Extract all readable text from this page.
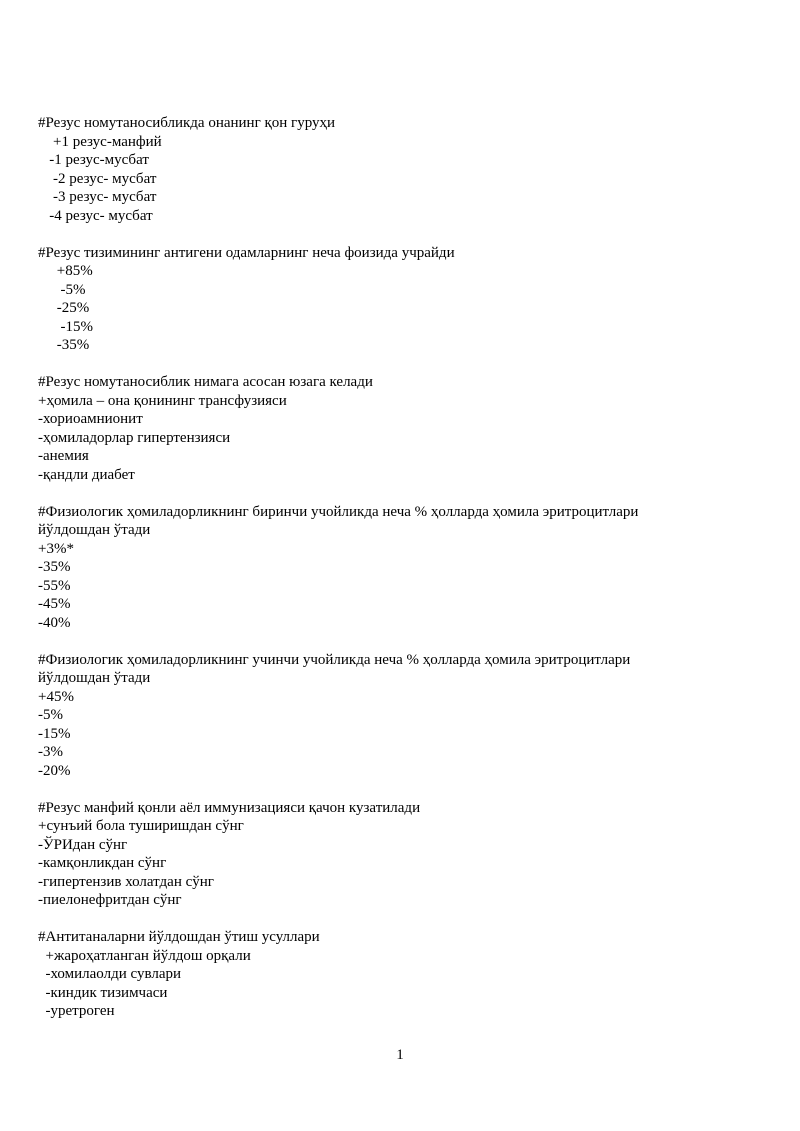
#Резус номутаносибликда онанинг қон гуруҳи
+1 резус-манфий
-1 резус-мусбат
-2 резус- мусбат
-3 резус- мусбат
-4 резус- мусбат
#Резус тизимининг антигени одамларнинг неча фоизида учрайди
+85%
-5%
-25%
-15%
-35%
#Резус номутаносиблик нимага асосан юзага келади
+ҳомила – она қонининг трансфузияси
-хориоамнионит
-ҳомиладорлар гипертензияси
-анемия
-қандли диабет
#Физиологик ҳомиладорликнинг биринчи учойликда неча % ҳолларда ҳомила эритроцитлари
йўлдошдан ўтади
+3%*
-35%
-55%
-45%
-40%
#Физиологик ҳомиладорликнинг учинчи учойликда неча % ҳолларда ҳомила эритроцитлари
йўлдошдан ўтади
+45%
-5%
-15%
-3%
-20%
#Резус манфий қонли аёл иммунизацияси қачон кузатилади
+сунъий бола туширишдан сўнг
-ЎРИдан сўнг
-камқонликдан сўнг
-гипертензив холатдан сўнг
-пиелонефритдан сўнг
#Антитаналарни йўлдошдан ўтиш усуллари
+жароҳатланган йўлдош орқали
-хомилаолди сувлари
-киндик тизимчаси
-уретроген
1
